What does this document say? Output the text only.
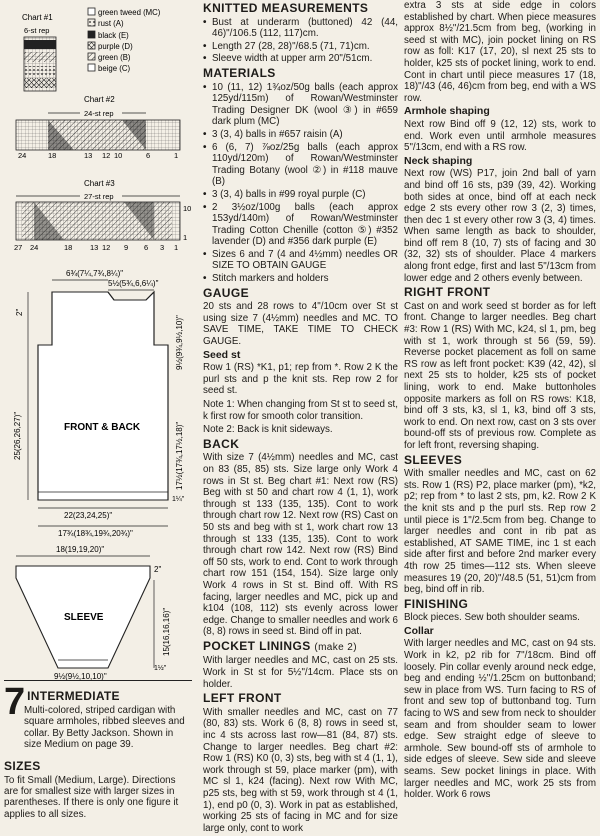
Chart #1
6-st rep
green tweed (MC)
rust (A)
black (E)
purple (D)
green (B)
beige (C)
Chart #2
24-st rep
24	18	13 12 10	6	1
Chart #3
27-st rep
10
1
27 24	18 13 12 9 6 3 1
6¾(7¼,7¾,8¼)"
5½(5¾,6,6¼)"
FRONT & BACK
2"
9½(9¾,9½,10)"
25(26,26,27)"	17½(17¾,17½,18)"
22(23,24,25)"
17¾(18¾,19¾,20¾)"
1¼"
18(19,19,20)"
2"
SLEEVE	15(16,16,16)"
1½"
9½(9½,10,10)"
7 INTERMEDIATE
Multi-colored, striped cardigan with square armholes, ribbed sleeves and collar. By Betty Jackson. Shown in size Medium on page 39.
SIZES
To fit Small (Medium, Large). Directions are for smallest size with larger sizes in parentheses. If there is only one figure it applies to all sizes.
KNITTED MEASUREMENTS
• Bust at underarm (buttoned) 42 (44, 46)"/106.5 (112, 117)cm.
• Length 27 (28, 28)"/68.5 (71, 71)cm.
• Sleeve width at upper arm 20"/51cm.
MATERIALS
• 10 (11, 12) 1¾oz/50g balls (each approx 125yd/115m) of Rowan/Westminster Trading Designer DK (wool ③) in #659 dark plum (MC)
• 3 (3, 4) balls in #657 raisin (A)
• 6 (6, 7) ⅞oz/25g balls (each approx 110yd/120m) of Rowan/Westminster Trading Botany (wool ②) in #118 mauve (B)
• 3 (3, 4) balls in #99 royal purple (C)
• 2 3½oz/100g balls (each approx 153yd/140m) of Rowan/Westminster Trading Cotton Chenille (cotton ⑤) #352 lavender (D) and #356 dark purple (E)
• Sizes 6 and 7 (4 and 4½mm) needles OR SIZE TO OBTAIN GAUGE
• Stitch markers and holders
GAUGE

20 sts and 28 rows to 4"/10cm over St st using size 7 (4½mm) needles and MC. TO SAVE TIME, TAKE TIME TO CHECK GAUGE.

Seed st

Row 1 (RS) *K1, p1; rep from *. Row 2 K the purl sts and p the knit sts. Rep row 2 for seed st.

Note 1: When changing from St st to seed st, k first row for smooth color transition.

Note 2: Back is knit sideways.

BACK

With size 7 (4½mm) needles and MC, cast on 83 (85, 85) sts. Size large only Work 4 rows in St st. Beg chart #1: Next row (RS) Beg with st 50 and chart row 4 (1, 1), work through st 133 (135, 135). Cont to work through chart row 12. Next row (RS) Cast on 50 sts and beg with st 1, work chart row 13 through st 133 (135, 135). Cont to work through chart row 142. Next row (RS) Bind off 50 sts, work to end. Cont to work through chart row 151 (154, 154). Size large only Work 4 rows in St st. Bind off. With RS facing, larger needles and MC, pick up and k104 (108, 112) sts evenly across lower edge. Change to smaller needles and work 6 (8, 8) rows in seed st. Bind off in pat.

POCKET LININGS (make 2)

With larger needles and MC, cast on 25 sts. Work in St st for 5½"/14cm. Place sts on holder.

LEFT FRONT

With smaller needles and MC, cast on 77 (80, 83) sts. Work 6 (8, 8) rows in seed st, inc 4 sts across last row—81 (84, 87) sts. Change to larger needles. Beg chart #2: Row 1 (RS) K0 (0, 3) sts, beg with st 4 (1, 1), work through st 59, place marker (pm), with MC sl 1, k24 (facing). Next row With MC, p25 sts, beg with st 59, work through st 4 (1, 1), end p0 (0, 3). Work in pat as established, working 25 sts of facing in MC and for size large only, cont to work

extra 3 sts at side edge in colors established by chart. When piece measures approx 8½"/21.5cm from beg, (working in seed st with MC), join pocket lining on RS row as foll: K17 (17, 20), sl next 25 sts to holder, k25 sts of pocket lining, work to end. Cont in chart until piece measures 17 (18, 18)"/43 (46, 46)cm from beg, end with a WS row.

Armhole shaping

Next row Bind off 9 (12, 12) sts, work to end. Work even until armhole measures 5"/13cm, end with a RS row.

Neck shaping

Next row (WS) P17, join 2nd ball of yarn and bind off 16 sts, p39 (39, 42). Working both sides at once, bind off at each neck edge 2 sts every other row 3 (2, 3) times, then dec 1 st every other row 3 (3, 4) times. When same length as back to shoulder, bind off rem 8 (10, 7) sts of facing and 30 (32, 32) sts of shoulder. Place 4 markers along front edge, first and last 5"/13cm from lower edge and 2 others evenly between.

RIGHT FRONT

Cast on and work seed st border as for left front. Change to larger needles. Beg chart #3: Row 1 (RS) With MC, k24, sl 1, pm, beg with st 1, work through st 56 (59, 59). Reverse pocket placement as foll on same RS row as left front pocket: K39 (42, 42), sl next 25 sts to holder, k25 sts of pocket lining, work to end. Make buttonholes opposite markers as foll on RS rows: K18, bind off 3 sts, k3, sl 1, k3, bind off 3 sts, work to end. On next row, cast on 3 sts over bound-off sts of previous row. Complete as for left front, reversing shaping.

SLEEVES

With smaller needles and MC, cast on 62 sts. Row 1 (RS) P2, place marker (pm), *k2, p2; rep from * to last 2 sts, pm, k2. Row 2 K the knit sts and p the purl sts. Rep row 2 until piece is 1"/2.5cm from beg. Change to larger needles and cont in rib pat as established, AT SAME TIME, inc 1 st each side after first and before 2nd marker every 4th row 25 times—112 sts. When sleeve measures 19 (20, 20)"/48.5 (51, 51)cm from beg, bind off in rib.

FINISHING

Block pieces. Sew both shoulder seams.

Collar

With larger needles and MC, cast on 94 sts. Work in k2, p2 rib for 7"/18cm. Bind off loosely. Pin collar evenly around neck edge, beg and ending ½"/1.25cm on buttonband; sew in place from WS. Turn facing to RS of front and sew top of buttonband tog. Turn facing to WS and sew from neck to shoulder seam and from shoulder seam to lower edge. Sew straight edge of sleeve to armhole. Sew bound-off sts of armhole to side edges of sleeve. Sew side and sleeve seams. Sew pocket linings in place. With larger needles and MC, work 25 sts from holder. Work 6 rows
